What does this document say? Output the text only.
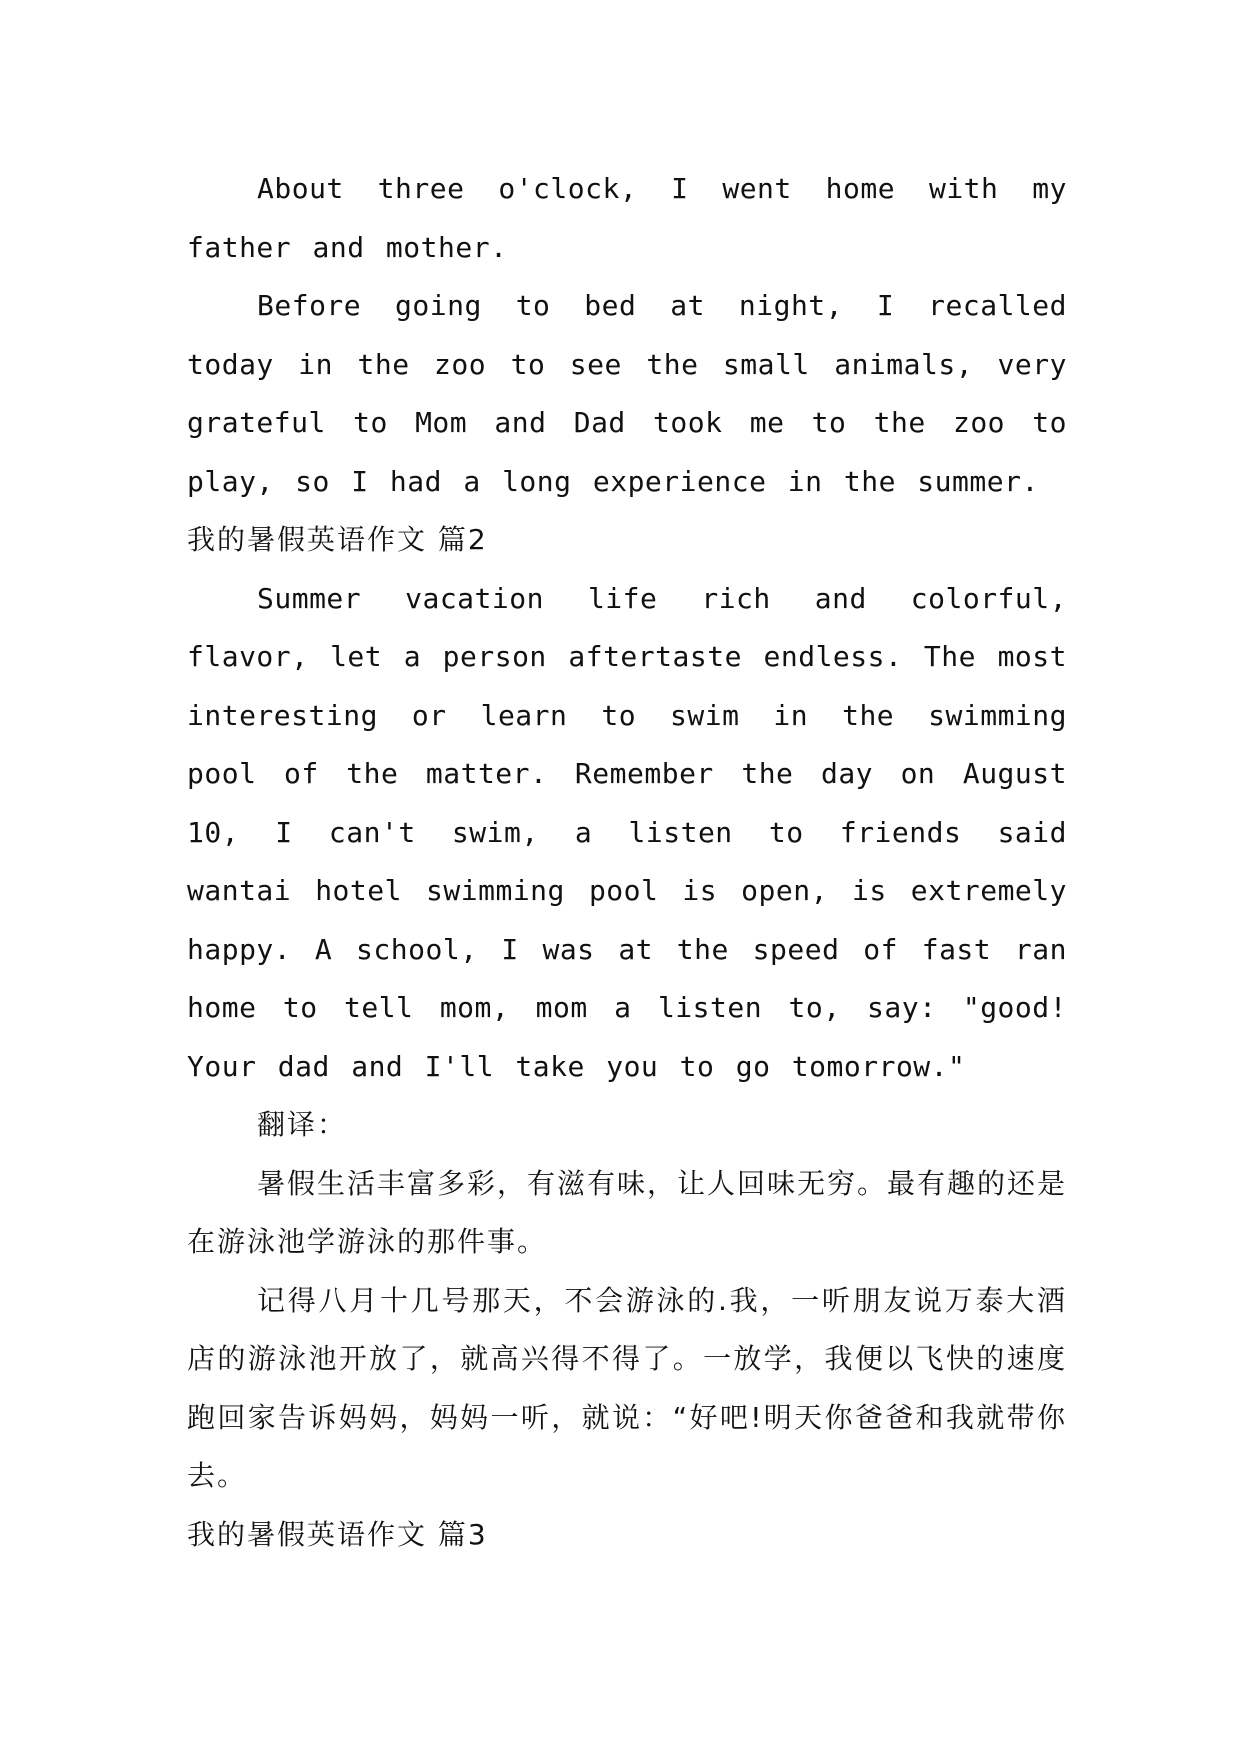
About three o'clock, I went home with my father and mother.

Before going to bed at night, I recalled today in the zoo to see the small animals, very grateful to Mom and Dad took me to the zoo to play, so I had a long experience in the summer.

我的暑假英语作文 篇2

Summer vacation life rich and colorful, flavor, let a person aftertaste endless. The most interesting or learn to swim in the swimming pool of the matter. Remember the day on August 10, I can't swim, a listen to friends said wantai hotel swimming pool is open, is extremely happy. A school, I was at the speed of fast ran home to tell mom, mom a listen to, say: "good! Your dad and I'll take you to go tomorrow."

翻译：

暑假生活丰富多彩，有滋有味，让人回味无穷。最有趣的还是在游泳池学游泳的那件事。

记得八月十几号那天，不会游泳的.我，一听朋友说万泰大酒店的游泳池开放了，就高兴得不得了。一放学，我便以飞快的速度跑回家告诉妈妈，妈妈一听，就说：“好吧!明天你爸爸和我就带你去。

我的暑假英语作文 篇3
